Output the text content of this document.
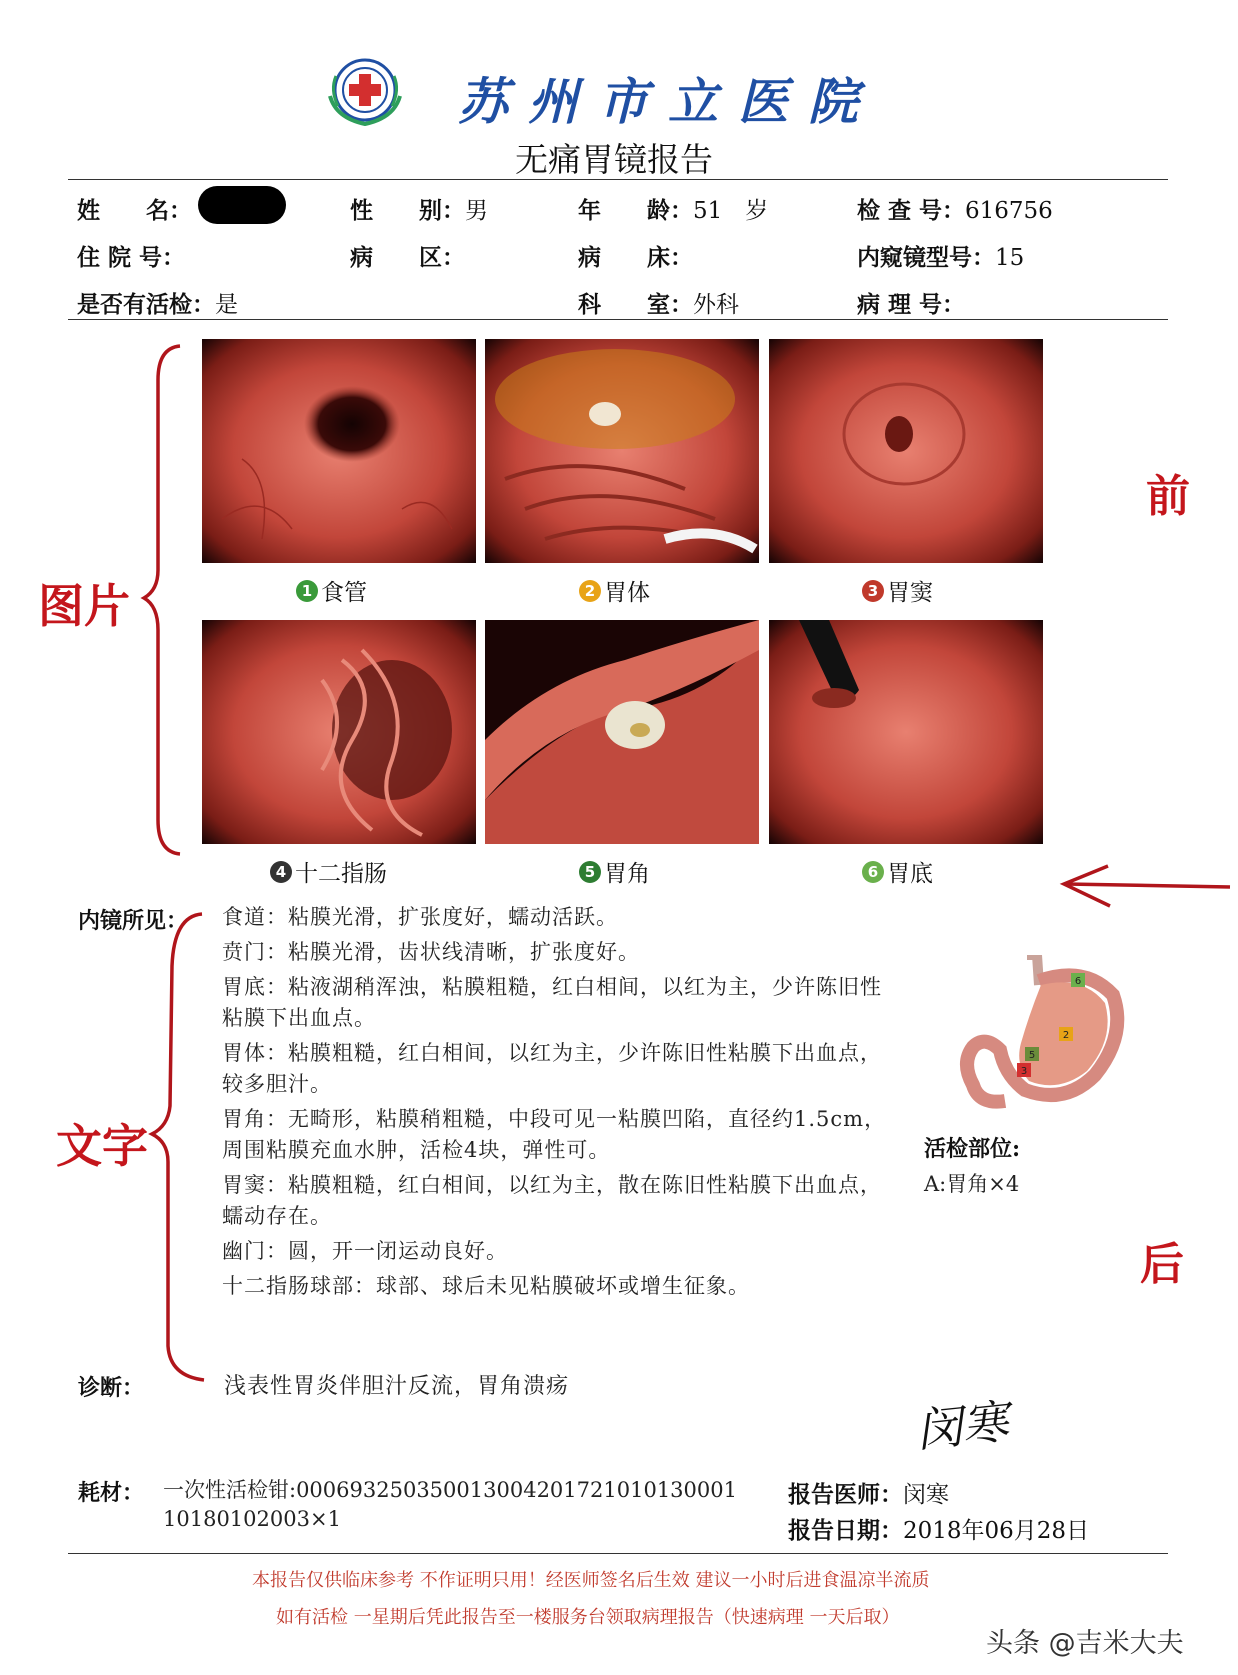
苏州市立医院
无痛胃镜报告
姓　　名：	性　　别：男	年　　龄：51　岁	检 查 号：616756
住 院 号：	病　　区：	病　　床：	内窥镜型号：15
是否有活检：是	科　　室：外科	病 理 号：
1 食管	2 胃体	3 胃窦
4 十二指肠	5 胃角	6 胃底
图片
前
后
内镜所见：
文字
食道：粘膜光滑，扩张度好，蠕动活跃。
贲门：粘膜光滑，齿状线清晰，扩张度好。
胃底：粘液湖稍浑浊，粘膜粗糙，红白相间，以红为主，少许陈旧性粘膜下出血点。
胃体：粘膜粗糙，红白相间，以红为主，少许陈旧性粘膜下出血点，较多胆汁。
胃角：无畸形，粘膜稍粗糙，中段可见一粘膜凹陷，直径约1.5cm，周围粘膜充血水肿，活检4块，弹性可。
胃窦：粘膜粗糙，红白相间，以红为主，散在陈旧性粘膜下出血点，蠕动存在。
幽门：圆，开一闭运动良好。
十二指肠球部：球部、球后未见粘膜破坏或增生征象。
6
2
5
3
活检部位:
A:胃角×4
诊断：	浅表性胃炎伴胆汁反流，胃角溃疡
闵寒
耗材： 一次性活检钳:000693250350013004201721010130001
10180102003×1
报告医师：闵寒
报告日期：2018年06月28日
本报告仅供临床参考 不作证明只用！经医师签名后生效 建议一小时后进食温凉半流质
如有活检 一星期后凭此报告至一楼服务台领取病理报告（快速病理 一天后取）
头条 @吉米大夫
